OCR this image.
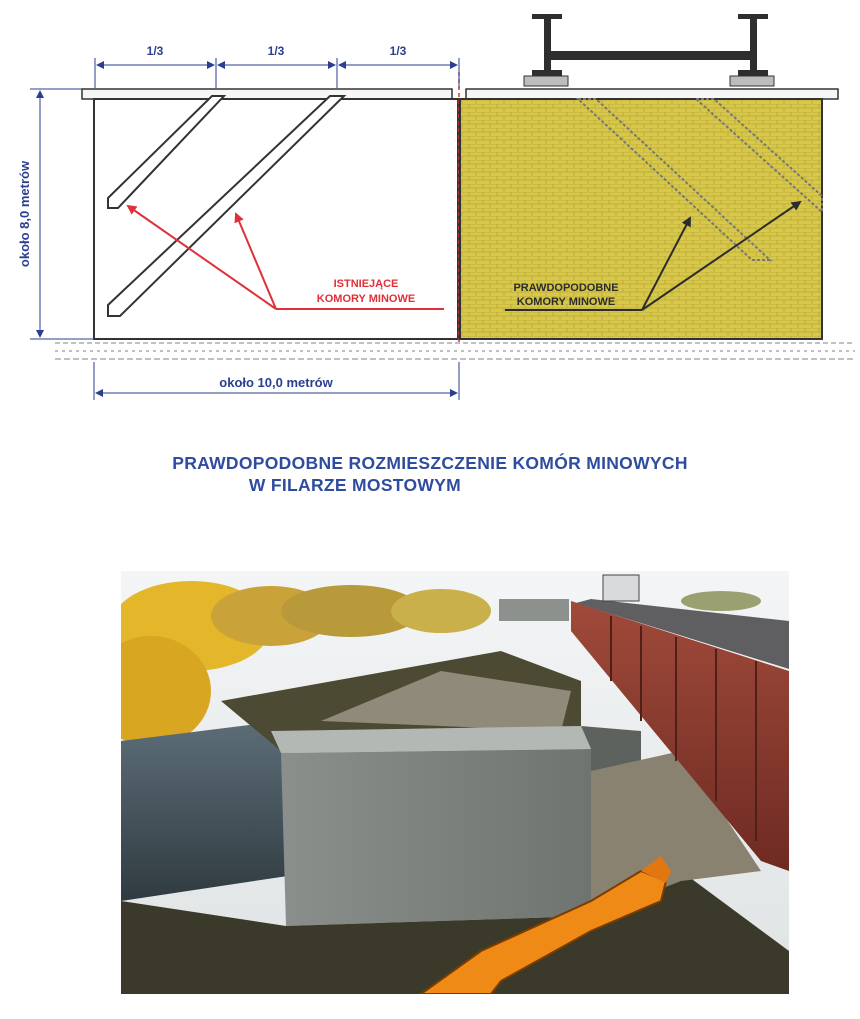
1/3	1/3	1/3
około 8,0 metrów
około 10,0 metrów
ISTNIEJĄCE
KOMORY MINOWE
PRAWDOPODOBNE
KOMORY MINOWE
PRAWDOPODOBNE ROZMIESZCZENIE KOMÓR MINOWYCH
W FILARZE MOSTOWYM
